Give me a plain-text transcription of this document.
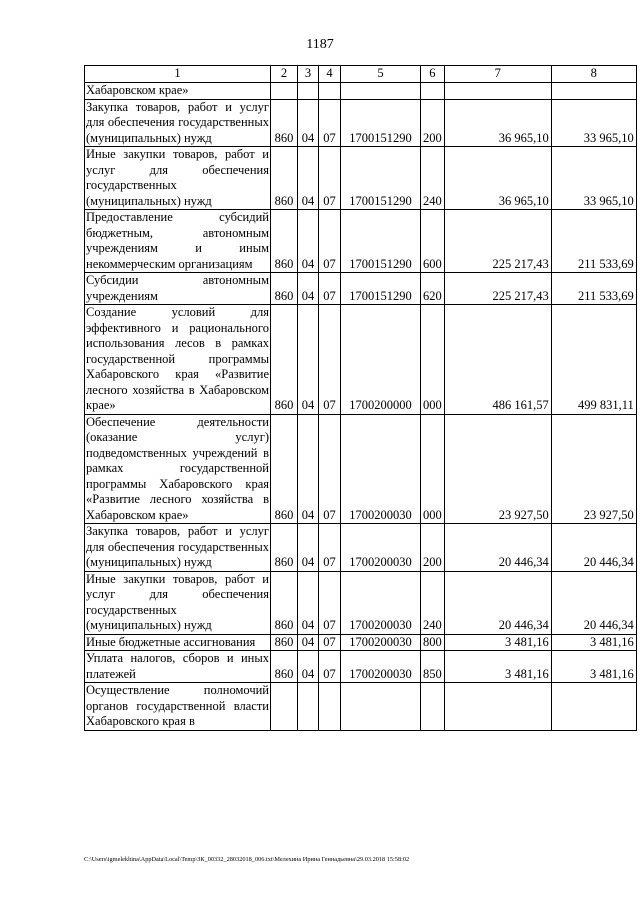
1187
1	2	3	4	5	6	7	8
Хабаровском крае»							
Закупка товаров, работ и услуг для обеспечения государственных (муниципальных) нужд	860	04	07	1700151290	200	36 965,10	33 965,10
Иные закупки товаров, работ и услуг для обеспечения государственных (муниципальных) нужд	860	04	07	1700151290	240	36 965,10	33 965,10
Предоставление субсидий бюджетным, автономным учреждениям и иным некоммерческим организациям	860	04	07	1700151290	600	225 217,43	211 533,69
Субсидии автономным учреждениям	860	04	07	1700151290	620	225 217,43	211 533,69
Создание условий для эффективного и рационального использования лесов в рамках государственной программы Хабаровского края «Развитие лесного хозяйства в Хабаровском крае»	860	04	07	1700200000	000	486 161,57	499 831,11
Обеспечение деятельности (оказание услуг) подведомственных учреждений в рамках государственной программы Хабаровского края «Развитие лесного хозяйства в Хабаровском крае»	860	04	07	1700200030	000	23 927,50	23 927,50
Закупка товаров, работ и услуг для обеспечения государственных (муниципальных) нужд	860	04	07	1700200030	200	20 446,34	20 446,34
Иные закупки товаров, работ и услуг для обеспечения государственных (муниципальных) нужд	860	04	07	1700200030	240	20 446,34	20 446,34
Иные бюджетные ассигнования	860	04	07	1700200030	800	3 481,16	3 481,16
Уплата налогов, сборов и иных платежей	860	04	07	1700200030	850	3 481,16	3 481,16
Осуществление полномочий органов государственной власти Хабаровского края в							
C:\Users\igmelekhina\AppData\Local\Temp\ЗК_00332_28032018_006.txt\Мелехина Ирина Геннадьевна\29.03.2018 15:58:02
